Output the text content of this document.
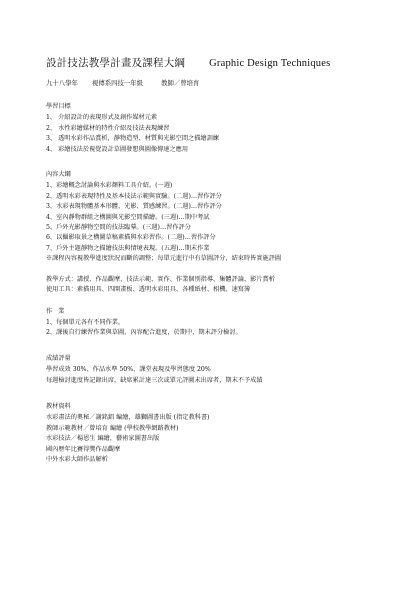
設計技法教學計畫及課程大綱 Graphic Design Techniques
九十八學年 視傳系四技一年級	教師／曾培育
學習目標
1、 介紹設計的表現形式及創作媒材元素
2、 水性彩繪媒材的特性介紹及技法表現練習
3、 透明水彩作品賞析，靜物造型、材質與光影空間之描繪訓練
4、 彩繪技法於視覺設計草圖發想與圖像傳達之應用
內容大綱
1、彩繪概念討論與水彩顏料工具介紹。(一週)
2、透明水彩表現特性及基本技法示範與實驗。(二週)…習作評分
3、水彩表現物體基本形體、光影、質感練習。(二週)…習作評分
4、室內靜物群組之構圖與光影空間描繪。(三週)…期中考試
5、戶外光影靜物空間的技法臨摹。(三週)…習作評分
6、以攝影取景之構圖草稿素描與水彩習作。(二週)…習作評分
7、戶外主題靜物之描繪技法與情境表現。(五週)…期末作業
※課程內容視教學進度狀況而斷的調整；每單元進行中有草圖評分，結束時皆實施評圖
教學方式：講授、作品觀摩、技法示範、實作、作業個別指導、集體評論、影片賞析
使用工具：素描用具、四開畫板、透明水彩用具、各種紙材、相機、速寫簿
作業
1、每個單元各有不同作業。
2、課後自行練習作業與草圖，內容配合進度，於期中、期末評分檢討。
成績評量
學習成效 30%、作品水準 50%、課堂表現及學習態度 20%
每週檢討進度皆記錄出席，缺席累計達三次或單元評圖未出席者，期末不予成績
教材資料
水彩畫法的奧秘／謝銘錩 編繪，雄獅圖書出版 (指定教科書)
教師示範教材／曾培育 編繪 (學校教學網路教材)
水彩技法／楊恩生 編繪，藝術家圖書出版
國內歷年比賽得獎作品觀摩
中外水彩大師作品解析
